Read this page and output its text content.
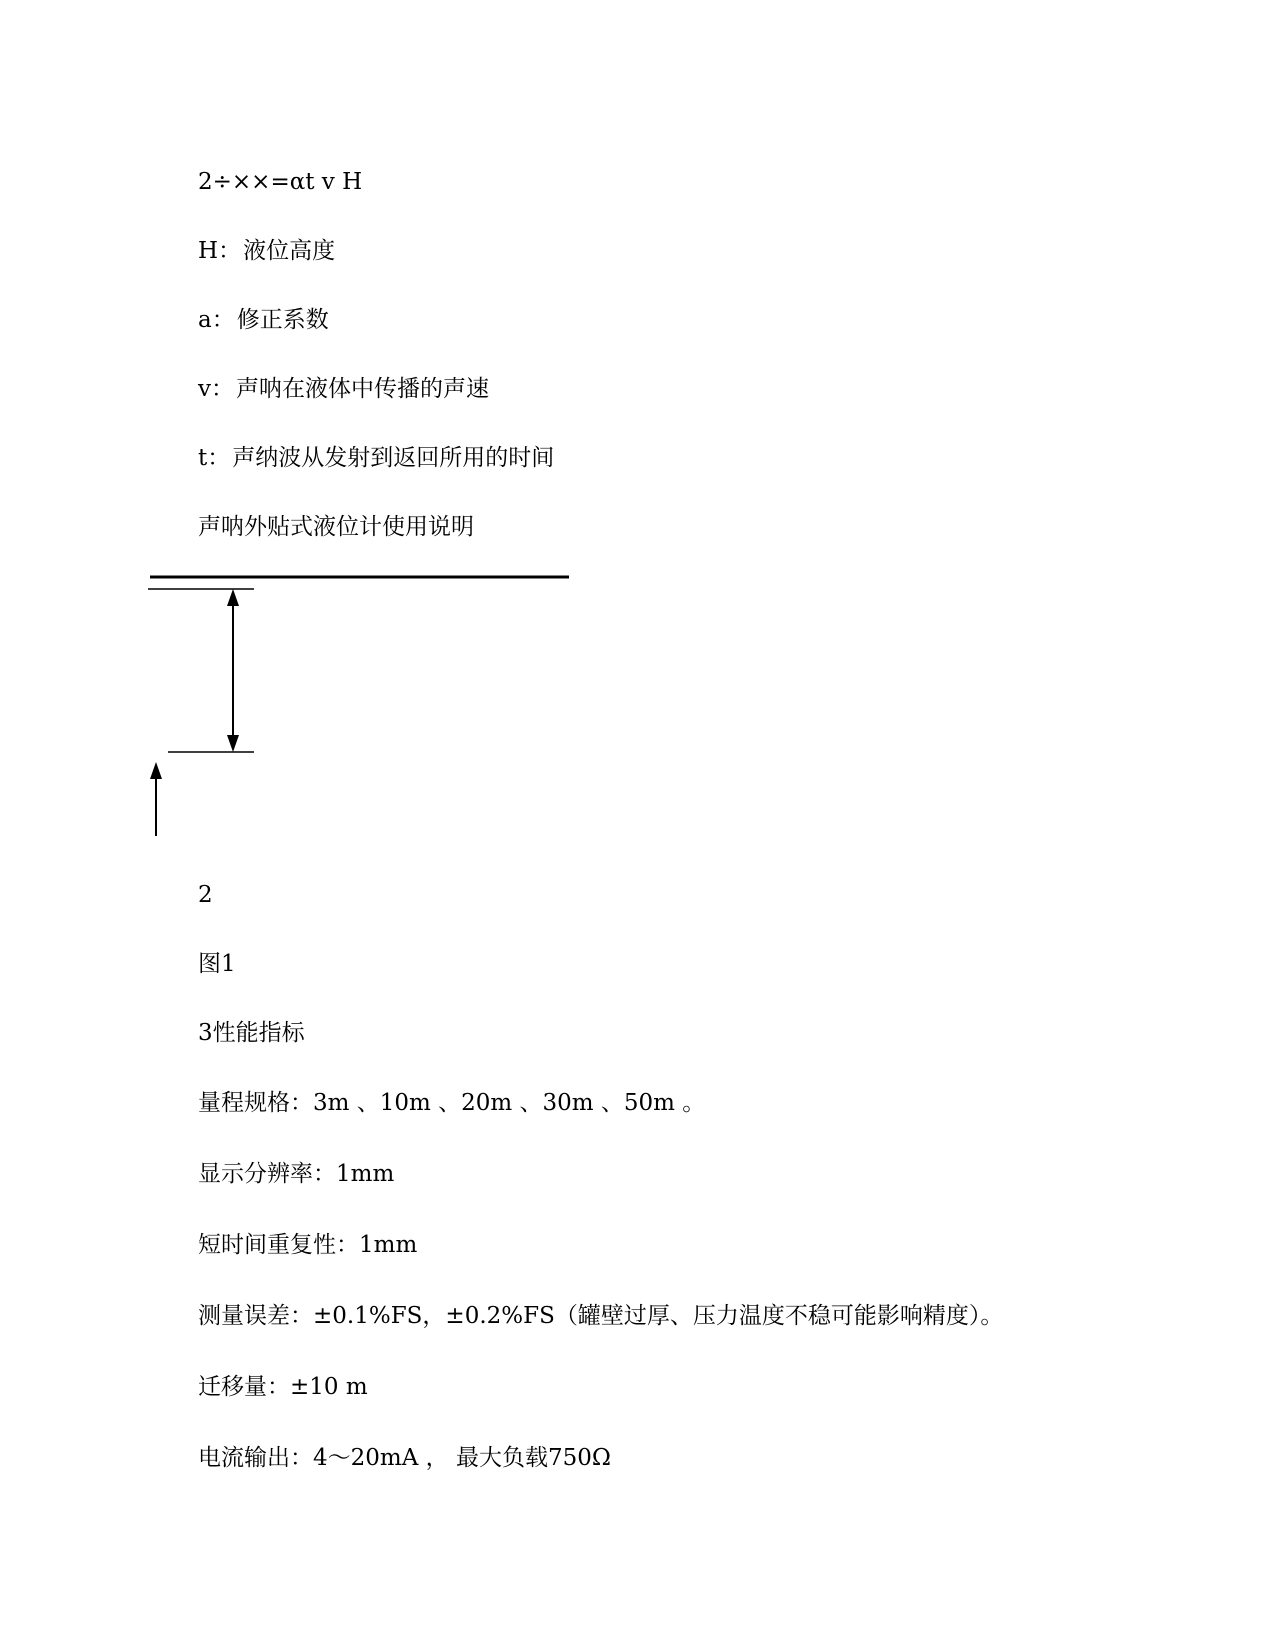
2÷××=αt v H
H：液位高度
a：修正系数
v：声呐在液体中传播的声速
t：声纳波从发射到返回所用的时间
声呐外贴式液位计使用说明
2
图1
3性能指标
量程规格：3m 、10m 、20m 、30m 、50m 。
显示分辨率：1mm
短时间重复性：1mm
测量误差：±0.1%FS，±0.2%FS（罐壁过厚、压力温度不稳可能影响精度）。
迁移量：±10 m
电流输出：4～20mA ， 最大负载750Ω
